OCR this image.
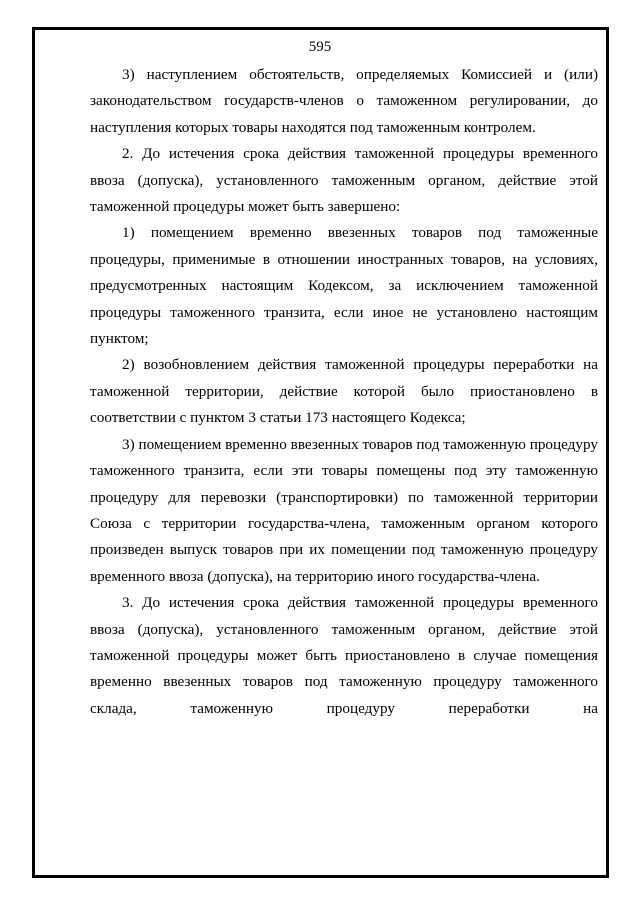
595

3) наступлением обстоятельств, определяемых Комиссией и (или) законодательством государств-членов о таможенном регулировании, до наступления которых товары находятся под таможенным контролем.

2. До истечения срока действия таможенной процедуры временного ввоза (допуска), установленного таможенным органом, действие этой таможенной процедуры может быть завершено:

1) помещением временно ввезенных товаров под таможенные процедуры, применимые в отношении иностранных товаров, на условиях, предусмотренных настоящим Кодексом, за исключением таможенной процедуры таможенного транзита, если иное не установлено настоящим пунктом;

2) возобновлением действия таможенной процедуры переработки на таможенной территории, действие которой было приостановлено в соответствии с пунктом 3 статьи 173 настоящего Кодекса;

3) помещением временно ввезенных товаров под таможенную процедуру таможенного транзита, если эти товары помещены под эту таможенную процедуру для перевозки (транспортировки) по таможенной территории Союза с территории государства-члена, таможенным органом которого произведен выпуск товаров при их помещении под таможенную процедуру временного ввоза (допуска), на территорию иного государства-члена.

3. До истечения срока действия таможенной процедуры временного ввоза (допуска), установленного таможенным органом, действие этой таможенной процедуры может быть приостановлено в случае помещения временно ввезенных товаров под таможенную процедуру таможенного склада, таможенную процедуру переработки на
